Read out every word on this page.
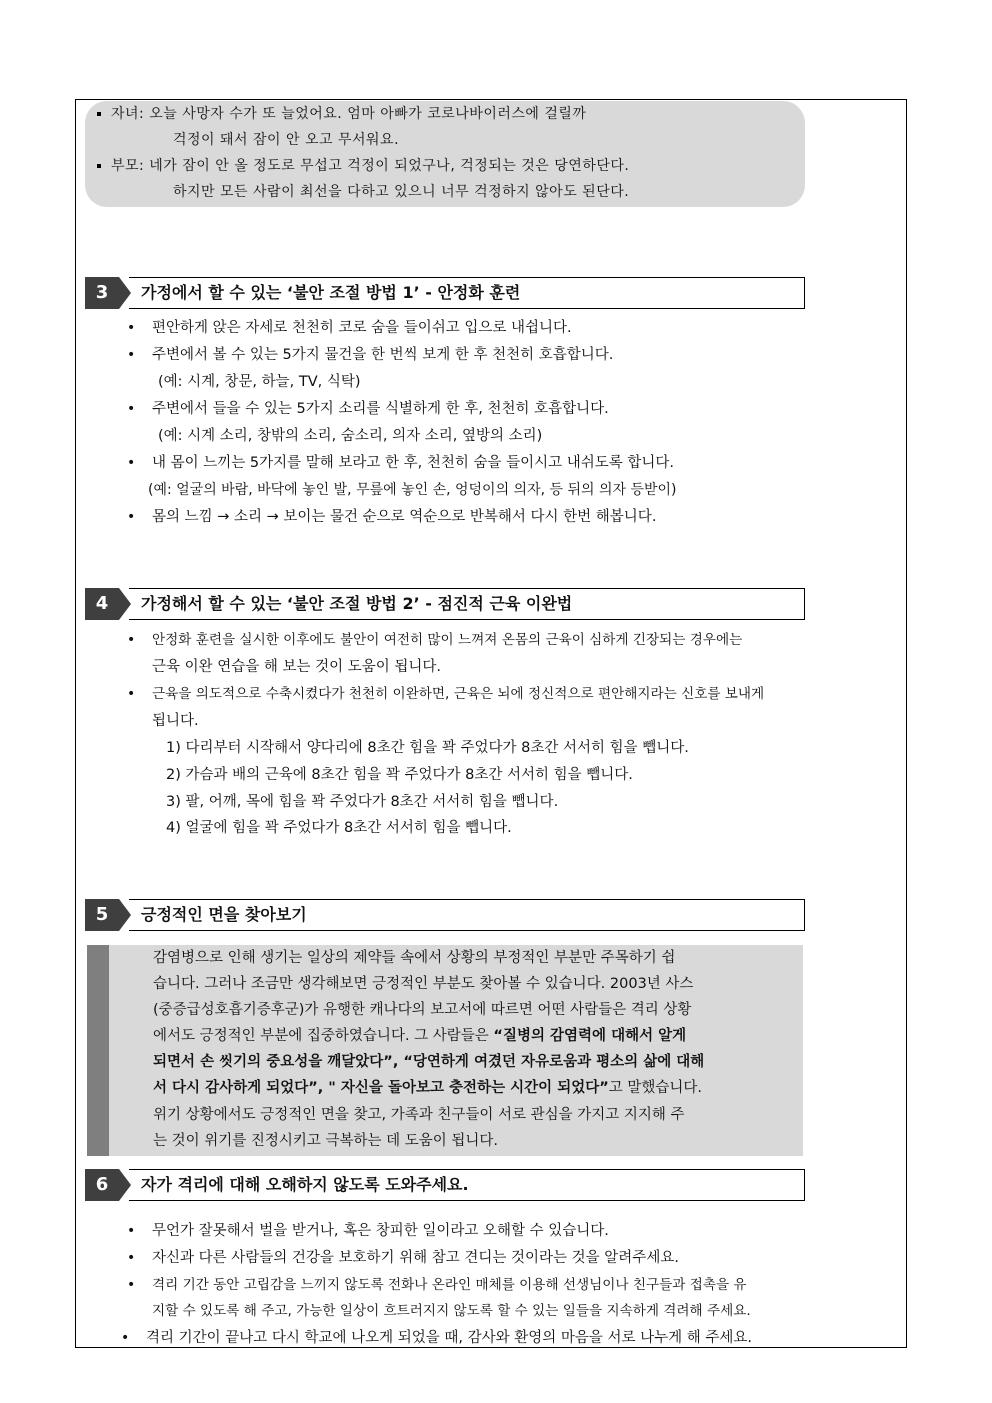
자녀: 오늘 사망자 수가 또 늘었어요. 엄마 아빠가 코로나바이러스에 걸릴까
걱정이 돼서 잠이 안 오고 무서워요.
부모: 네가 잠이 안 올 정도로 무섭고 걱정이 되었구나, 걱정되는 것은 당연하단다.
하지만 모든 사람이 최선을 다하고 있으니 너무 걱정하지 않아도 된단다.
3	가정에서 할 수 있는 ‘불안 조절 방법 1’ - 안정화 훈련
• 편안하게 앉은 자세로 천천히 코로 숨을 들이쉬고 입으로 내쉽니다.
• 주변에서 볼 수 있는 5가지 물건을 한 번씩 보게 한 후 천천히 호흡합니다.
(예: 시계, 창문, 하늘, TV, 식탁)
• 주변에서 들을 수 있는 5가지 소리를 식별하게 한 후, 천천히 호흡합니다.
(예: 시계 소리, 창밖의 소리, 숨소리, 의자 소리, 옆방의 소리)
• 내 몸이 느끼는 5가지를 말해 보라고 한 후, 천천히 숨을 들이시고 내쉬도록 합니다.
(예: 얼굴의 바람, 바닥에 놓인 발, 무릎에 놓인 손, 엉덩이의 의자, 등 뒤의 의자 등받이)
• 몸의 느낌 → 소리 → 보이는 물건 순으로 역순으로 반복해서 다시 한번 해봅니다.
4	가정해서 할 수 있는 ‘불안 조절 방법 2’ - 점진적 근육 이완법
• 안정화 훈련을 실시한 이후에도 불안이 여전히 많이 느껴져 온몸의 근육이 심하게 긴장되는 경우에는
근육 이완 연습을 해 보는 것이 도움이 됩니다.
• 근육을 의도적으로 수축시켰다가 천천히 이완하면, 근육은 뇌에 정신적으로 편안해지라는 신호를 보내게
됩니다.
1) 다리부터 시작해서 양다리에 8초간 힘을 꽉 주었다가 8초간 서서히 힘을 뺍니다.
2) 가슴과 배의 근육에 8초간 힘을 꽉 주었다가 8초간 서서히 힘을 뺍니다.
3) 팔, 어깨, 목에 힘을 꽉 주었다가 8초간 서서히 힘을 뺍니다.
4) 얼굴에 힘을 꽉 주었다가 8초간 서서히 힘을 뺍니다.
5	긍정적인 면을 찾아보기
감염병으로 인해 생기는 일상의 제약들 속에서 상황의 부정적인 부분만 주목하기 쉽
습니다. 그러나 조금만 생각해보면 긍정적인 부분도 찾아볼 수 있습니다. 2003년 사스
(중증급성호흡기증후군)가 유행한 캐나다의 보고서에 따르면 어떤 사람들은 격리 상황
에서도 긍정적인 부분에 집중하였습니다. 그 사람들은 “질병의 감염력에 대해서 알게
되면서 손 씻기의 중요성을 깨달았다”, “당연하게 여겼던 자유로움과 평소의 삶에 대해
서 다시 감사하게 되었다”, " 자신을 돌아보고 충전하는 시간이 되었다”고 말했습니다.
위기 상황에서도 긍정적인 면을 찾고, 가족과 친구들이 서로 관심을 가지고 지지해 주
는 것이 위기를 진정시키고 극복하는 데 도움이 됩니다.
6	자가 격리에 대해 오해하지 않도록 도와주세요.
• 무언가 잘못해서 벌을 받거나, 혹은 창피한 일이라고 오해할 수 있습니다.
• 자신과 다른 사람들의 건강을 보호하기 위해 참고 견디는 것이라는 것을 알려주세요.
• 격리 기간 동안 고립감을 느끼지 않도록 전화나 온라인 매체를 이용해 선생님이나 친구들과 접촉을 유
지할 수 있도록 해 주고, 가능한 일상이 흐트러지지 않도록 할 수 있는 일들을 지속하게 격려해 주세요.
• 격리 기간이 끝나고 다시 학교에 나오게 되었을 때, 감사와 환영의 마음을 서로 나누게 해 주세요.
